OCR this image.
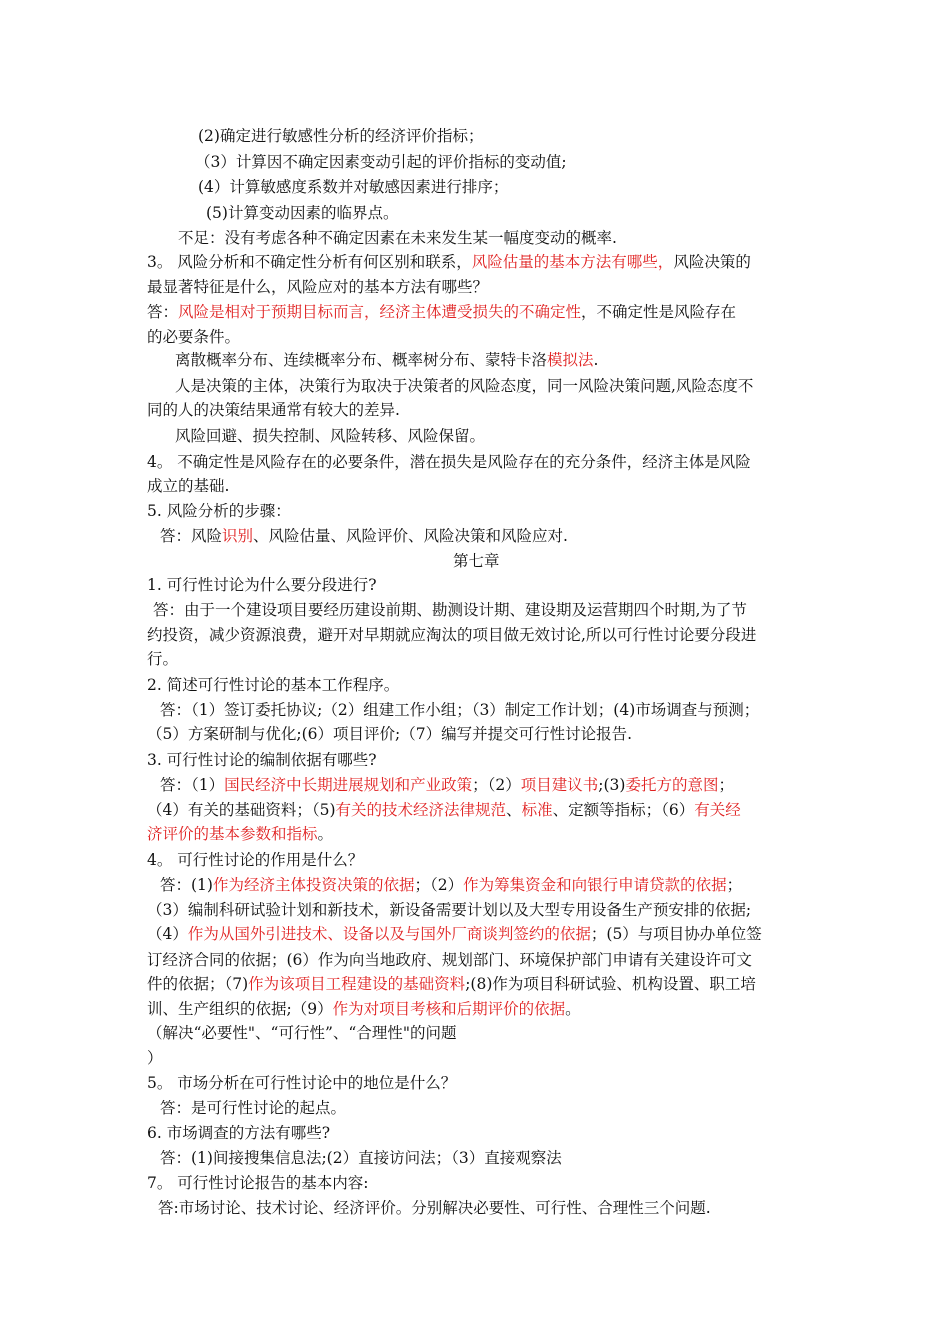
(2)确定进行敏感性分析的经济评价指标；
（3）计算因不确定因素变动引起的评价指标的变动值;
(4）计算敏感度系数并对敏感因素进行排序；
(5)计算变动因素的临界点。
不足：没有考虑各种不确定因素在未来发生某一幅度变动的概率.
3。 风险分析和不确定性分析有何区别和联系，风险估量的基本方法有哪些，风险决策的
最显著特征是什么，风险应对的基本方法有哪些？
答：风险是相对于预期目标而言，经济主体遭受损失的不确定性，不确定性是风险存在
的必要条件。
离散概率分布、连续概率分布、概率树分布、蒙特卡洛模拟法.
人是决策的主体，决策行为取决于决策者的风险态度，同一风险决策问题,风险态度不
同的人的决策结果通常有较大的差异.
风险回避、损失控制、风险转移、风险保留。
4。 不确定性是风险存在的必要条件，潜在损失是风险存在的充分条件，经济主体是风险
成立的基础.
5. 风险分析的步骤：
答：风险识别、风险估量、风险评价、风险决策和风险应对.
第七章
1. 可行性讨论为什么要分段进行?
答：由于一个建设项目要经历建设前期、勘测设计期、建设期及运营期四个时期,为了节
约投资，减少资源浪费，避开对早期就应淘汰的项目做无效讨论,所以可行性讨论要分段进
行。
2. 简述可行性讨论的基本工作程序。
答：（1）签订委托协议;（2）组建工作小组；（3）制定工作计划；(4)市场调查与预测；
（5）方案研制与优化;(6）项目评价;（7）编写并提交可行性讨论报告.
3. 可行性讨论的编制依据有哪些?
答：（1）国民经济中长期进展规划和产业政策；（2）项目建议书;(3)委托方的意图；
（4）有关的基础资料；（5)有关的技术经济法律规范、标准、定额等指标；（6）有关经
济评价的基本参数和指标。
4。 可行性讨论的作用是什么？
答：(1)作为经济主体投资决策的依据；（2）作为筹集资金和向银行申请贷款的依据；
（3）编制科研试验计划和新技术，新设备需要计划以及大型专用设备生产预安排的依据;
（4）作为从国外引进技术、设备以及与国外厂商谈判签约的依据；(5）与项目协办单位签
订经济合同的依据；(6）作为向当地政府、规划部门、环境保护部门申请有关建设许可文
件的依据；（7)作为该项目工程建设的基础资料;(8)作为项目科研试验、机构设置、职工培
训、生产组织的依据;（9）作为对项目考核和后期评价的依据。
（解决“必要性"、“可行性”、“合理性"的问题
）
5。 市场分析在可行性讨论中的地位是什么？
答：是可行性讨论的起点。
6. 市场调查的方法有哪些?
答：(1)间接搜集信息法;(2）直接访问法；（3）直接观察法
7。 可行性讨论报告的基本内容:
答:市场讨论、技术讨论、经济评价。分别解决必要性、可行性、合理性三个问题.
